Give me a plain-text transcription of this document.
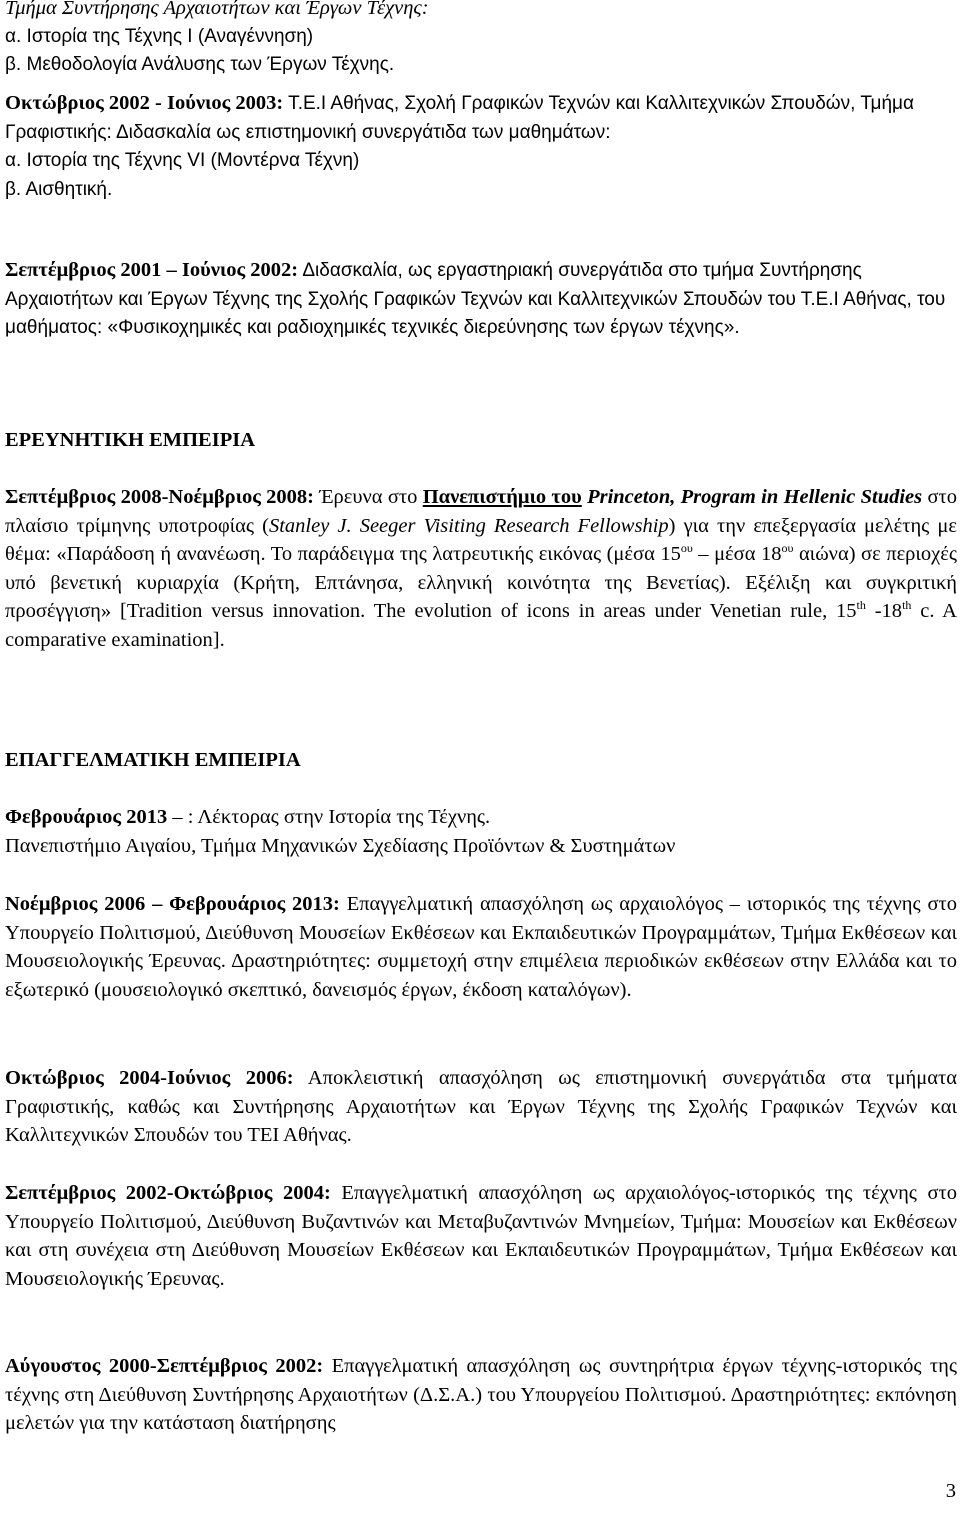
Τμήμα Συντήρησης Αρχαιοτήτων και Έργων Τέχνης:
α. Ιστορία της Τέχνης Ι (Αναγέννηση)
β. Μεθοδολογία Ανάλυσης των Έργων Τέχνης.
Οκτώβριος 2002 - Ιούνιος 2003: Τ.Ε.Ι Αθήνας, Σχολή Γραφικών Τεχνών και Καλλιτεχνικών Σπουδών, Τμήμα Γραφιστικής: Διδασκαλία ως επιστημονική συνεργάτιδα των μαθημάτων:
α. Ιστορία της Τέχνης VI (Μοντέρνα Τέχνη)
β. Αισθητική.
Σεπτέμβριος 2001 – Ιούνιος 2002: Διδασκαλία, ως εργαστηριακή συνεργάτιδα στο τμήμα Συντήρησης Αρχαιοτήτων και Έργων Τέχνης της Σχολής Γραφικών Τεχνών και Καλλιτεχνικών Σπουδών του Τ.Ε.Ι Αθήνας, του μαθήματος: «Φυσικοχημικές και ραδιοχημικές τεχνικές διερεύνησης των έργων τέχνης».
ΕΡΕΥΝΗΤΙΚΗ ΕΜΠΕΙΡΙΑ
Σεπτέμβριος 2008-Νοέμβριος 2008: Έρευνα στο Πανεπιστήμιο του Princeton, Program in Hellenic Studies στο πλαίσιο τρίμηνης υποτροφίας (Stanley J. Seeger Visiting Research Fellowship) για την επεξεργασία μελέτης με θέμα: «Παράδοση ή ανανέωση. Το παράδειγμα της λατρευτικής εικόνας (μέσα $15^{o\upsilon}$ – μέσα $18^{o\upsilon}$ αιώνα) σε περιοχές υπό βενετική κυριαρχία (Κρήτη, Επτάνησα, ελληνική κοινότητα της Βενετίας). Εξέλιξη και συγκριτική προσέγγιση» [Tradition versus innovation. The evolution of icons in areas under Venetian rule, 15th -18th c. A comparative examination].
ΕΠΑΓΓΕΛΜΑΤΙΚΗ ΕΜΠΕΙΡΙΑ
Φεβρουάριος 2013 – : Λέκτορας στην Ιστορία της Τέχνης.
Πανεπιστήμιο Αιγαίου, Τμήμα Μηχανικών Σχεδίασης Προϊόντων & Συστημάτων
Νοέμβριος 2006 – Φεβρουάριος 2013: Επαγγελματική απασχόληση ως αρχαιολόγος – ιστορικός της τέχνης στο Υπουργείο Πολιτισμού, Διεύθυνση Μουσείων Εκθέσεων και Εκπαιδευτικών Προγραμμάτων, Τμήμα Εκθέσεων και Μουσειολογικής Έρευνας. Δραστηριότητες: συμμετοχή στην επιμέλεια περιοδικών εκθέσεων στην Ελλάδα και το εξωτερικό (μουσειολογικό σκεπτικό, δανεισμός έργων, έκδοση καταλόγων).
Οκτώβριος 2004-Ιούνιος 2006: Αποκλειστική απασχόληση ως επιστημονική συνεργάτιδα στα τμήματα Γραφιστικής, καθώς και Συντήρησης Αρχαιοτήτων και Έργων Τέχνης της Σχολής Γραφικών Τεχνών και Καλλιτεχνικών Σπουδών του ΤΕΙ Αθήνας.
Σεπτέμβριος 2002-Οκτώβριος 2004: Επαγγελματική απασχόληση ως αρχαιολόγος-ιστορικός της τέχνης στο Υπουργείο Πολιτισμού, Διεύθυνση Βυζαντινών και Μεταβυζαντινών Μνημείων, Τμήμα: Μουσείων και Εκθέσεων και στη συνέχεια στη Διεύθυνση Μουσείων Εκθέσεων και Εκπαιδευτικών Προγραμμάτων, Τμήμα Εκθέσεων και Μουσειολογικής Έρευνας.
Αύγουστος 2000-Σεπτέμβριος 2002: Επαγγελματική απασχόληση ως συντηρήτρια έργων τέχνης-ιστορικός της τέχνης στη Διεύθυνση Συντήρησης Αρχαιοτήτων (Δ.Σ.Α.) του Υπουργείου Πολιτισμού. Δραστηριότητες: εκπόνηση μελετών για την κατάσταση διατήρησης
3
